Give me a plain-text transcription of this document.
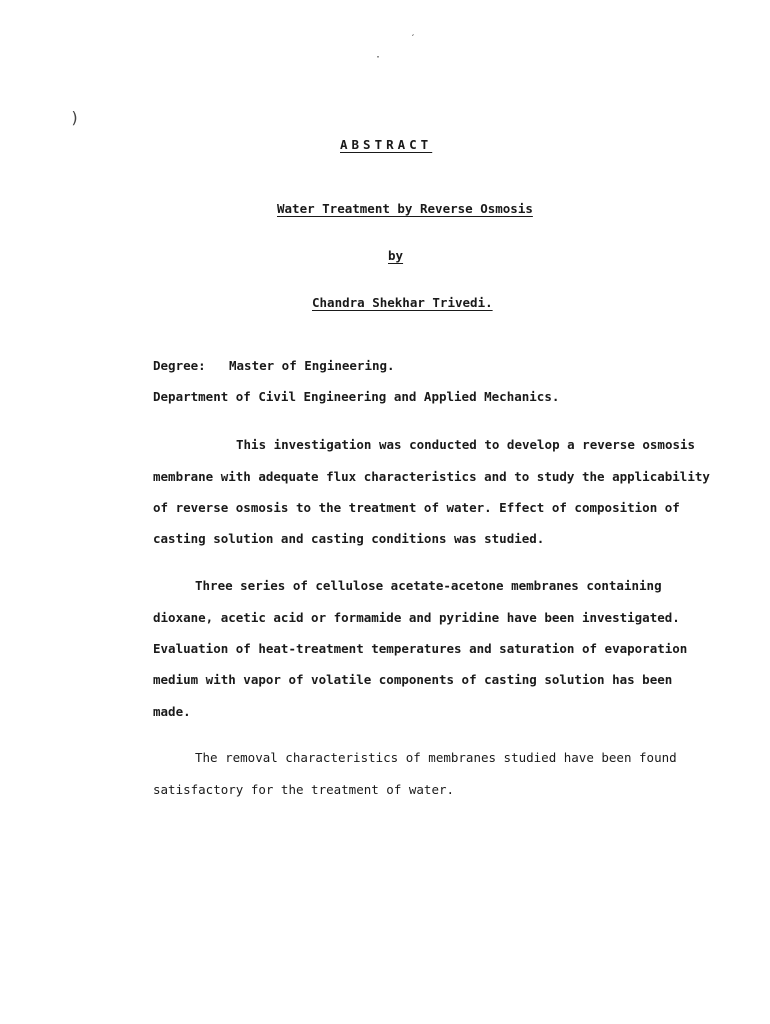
ˊ
·
)
ABSTRACT
Water Treatment by Reverse Osmosis
by
Chandra Shekhar Trivedi.
Degree: Master of Engineering.
Department of Civil Engineering and Applied Mechanics.
This investigation was conducted to develop a reverse osmosis
membrane with adequate flux characteristics and to study the applicability
of reverse osmosis to the treatment of water. Effect of composition of
casting solution and casting conditions was studied.
Three series of cellulose acetate-acetone membranes containing
dioxane, acetic acid or formamide and pyridine have been investigated.
Evaluation of heat-treatment temperatures and saturation of evaporation
medium with vapor of volatile components of casting solution has been
made.
The removal characteristics of membranes studied have been found
satisfactory for the treatment of water.
